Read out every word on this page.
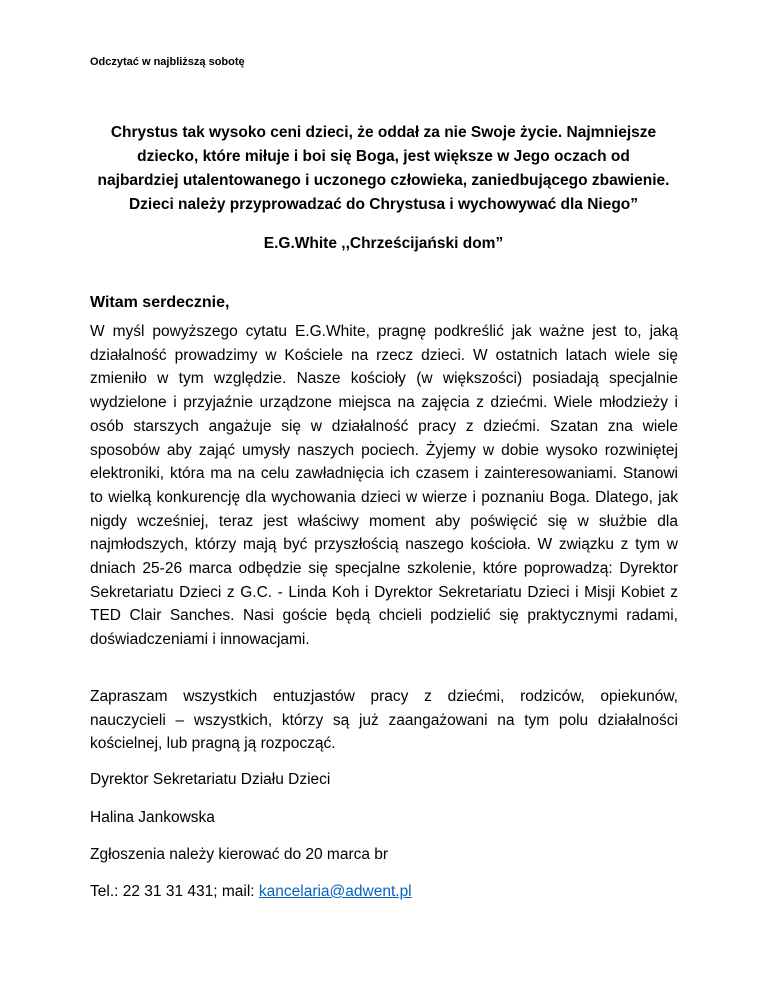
Odczytać w najbliższą sobotę
Chrystus tak wysoko ceni dzieci, że oddał za nie Swoje życie. Najmniejsze dziecko, które miłuje i boi się Boga, jest większe w Jego oczach od najbardziej utalentowanego i uczonego człowieka, zaniedbującego zbawienie. Dzieci należy przyprowadzać do Chrystusa i wychowywać dla Niego”
E.G.White ,,Chrześcijański dom”
Witam serdecznie,
W myśl powyższego cytatu E.G.White, pragnę podkreślić jak ważne jest to, jaką działalność prowadzimy w Kościele na rzecz dzieci. W ostatnich latach wiele się zmieniło w tym względzie. Nasze kościoły (w większości) posiadają specjalnie wydzielone i przyjaźnie urządzone miejsca na zajęcia z dziećmi. Wiele młodzieży i osób starszych angażuje się w działalność pracy z dziećmi. Szatan zna wiele sposobów aby zająć umysły naszych pociech. Żyjemy w dobie wysoko rozwiniętej elektroniki, która ma na celu zawładnięcia ich czasem i zainteresowaniami. Stanowi to wielką konkurencję dla wychowania dzieci w wierze i poznaniu Boga. Dlatego, jak nigdy wcześniej, teraz jest właściwy moment aby poświęcić się w służbie dla najmłodszych, którzy mają być przyszłością naszego kościoła. W związku z tym w dniach 25-26 marca odbędzie się specjalne szkolenie, które poprowadzą: Dyrektor Sekretariatu Dzieci z G.C. - Linda Koh i Dyrektor Sekretariatu Dzieci i Misji Kobiet z TED Clair Sanches. Nasi goście będą chcieli podzielić się praktycznymi radami, doświadczeniami i innowacjami.
Zapraszam wszystkich entuzjastów pracy z dziećmi, rodziców, opiekunów, nauczycieli – wszystkich, którzy są już zaangażowani na tym polu działalności kościelnej, lub pragną ją rozpocząć.
Dyrektor Sekretariatu Działu Dzieci
Halina Jankowska
Zgłoszenia należy kierować do 20 marca br
Tel.: 22 31 31 431; mail: kancelaria@adwent.pl
